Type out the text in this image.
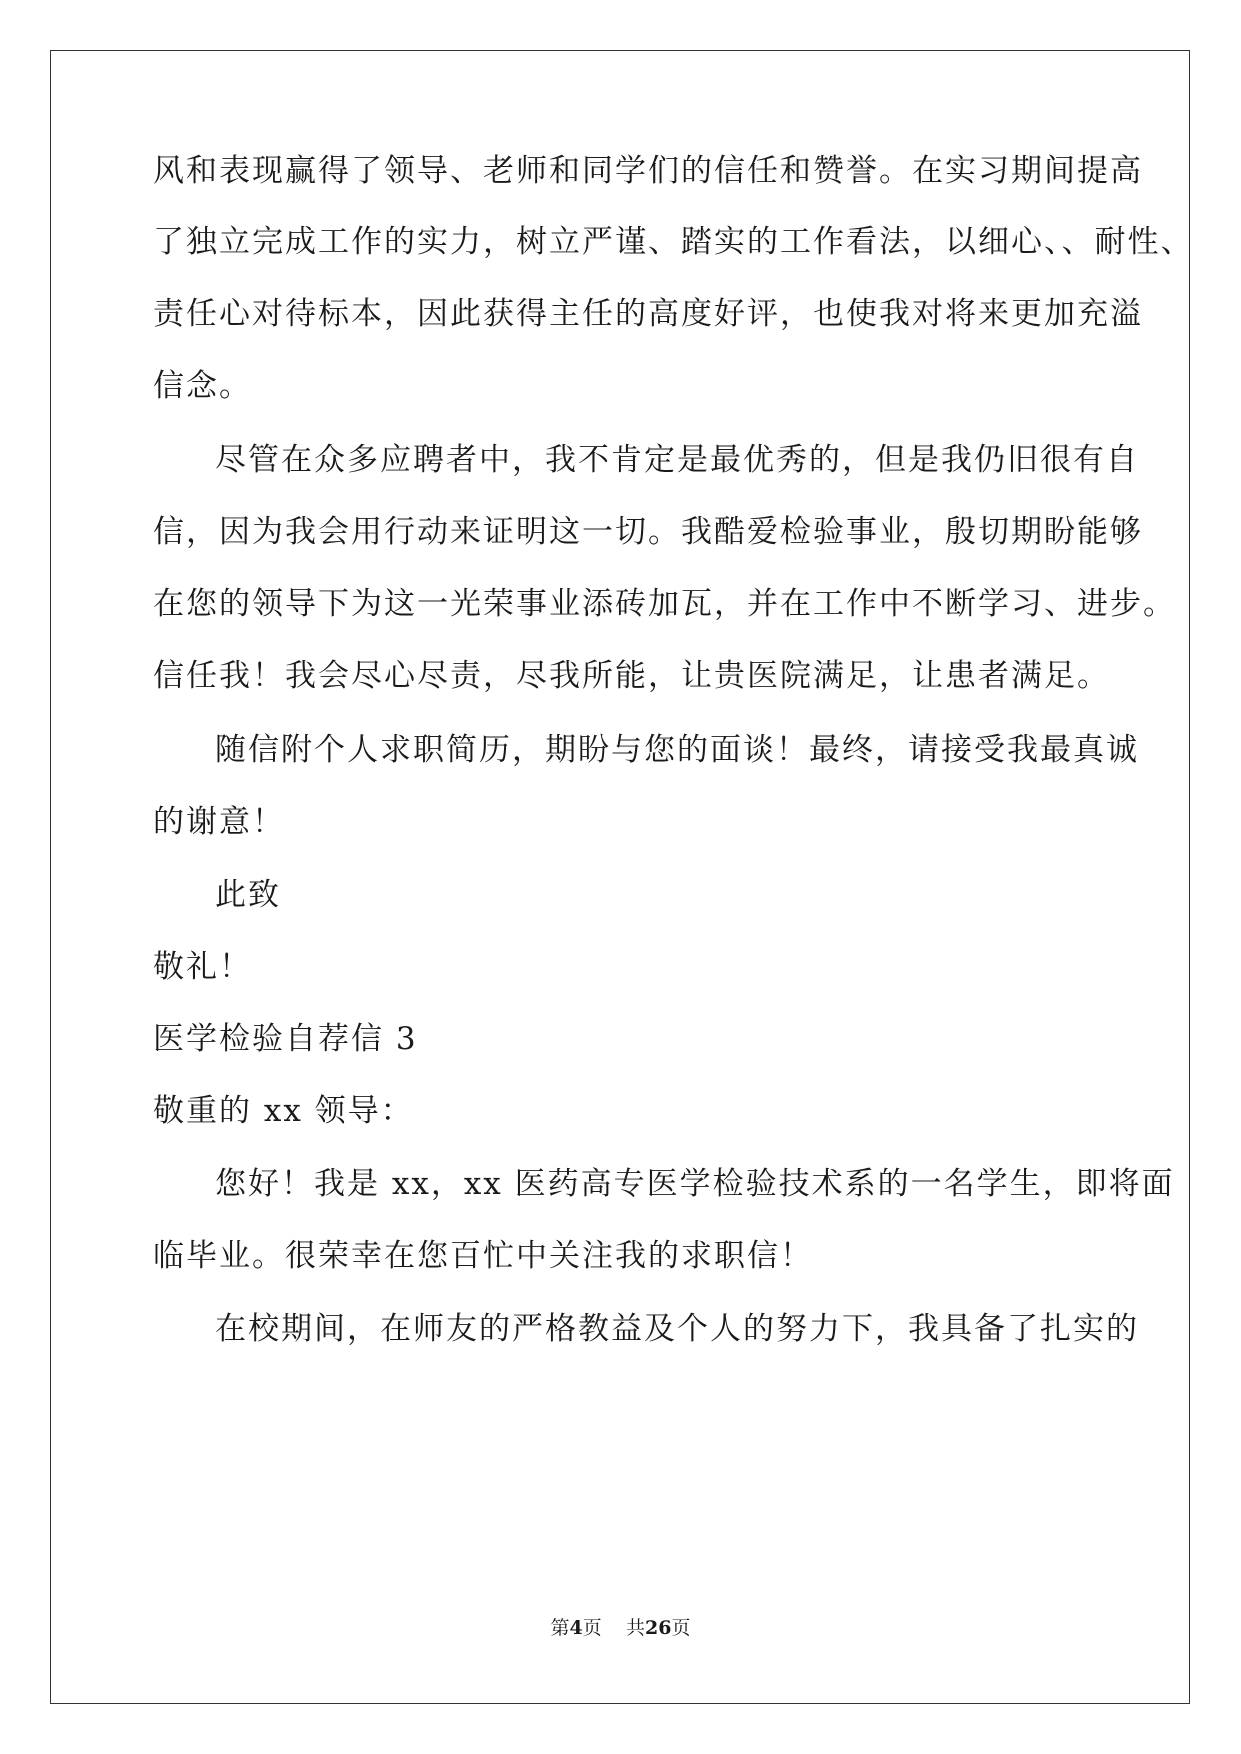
风和表现赢得了领导、老师和同学们的信任和赞誉。在实习期间提高
了独立完成工作的实力，树立严谨、踏实的工作看法，以细心、、耐性、
责任心对待标本，因此获得主任的高度好评，也使我对将来更加充溢
信念。
尽管在众多应聘者中，我不肯定是最优秀的，但是我仍旧很有自
信，因为我会用行动来证明这一切。我酷爱检验事业，殷切期盼能够
在您的领导下为这一光荣事业添砖加瓦，并在工作中不断学习、进步。
信任我！我会尽心尽责，尽我所能，让贵医院满足，让患者满足。
随信附个人求职简历，期盼与您的面谈！最终，请接受我最真诚
的谢意！
此致
敬礼！
医学检验自荐信 3
敬重的 xx 领导：
您好！我是 xx，xx 医药高专医学检验技术系的一名学生，即将面
临毕业。很荣幸在您百忙中关注我的求职信！
在校期间，在师友的严格教益及个人的努力下，我具备了扎实的
第4页 共26页
